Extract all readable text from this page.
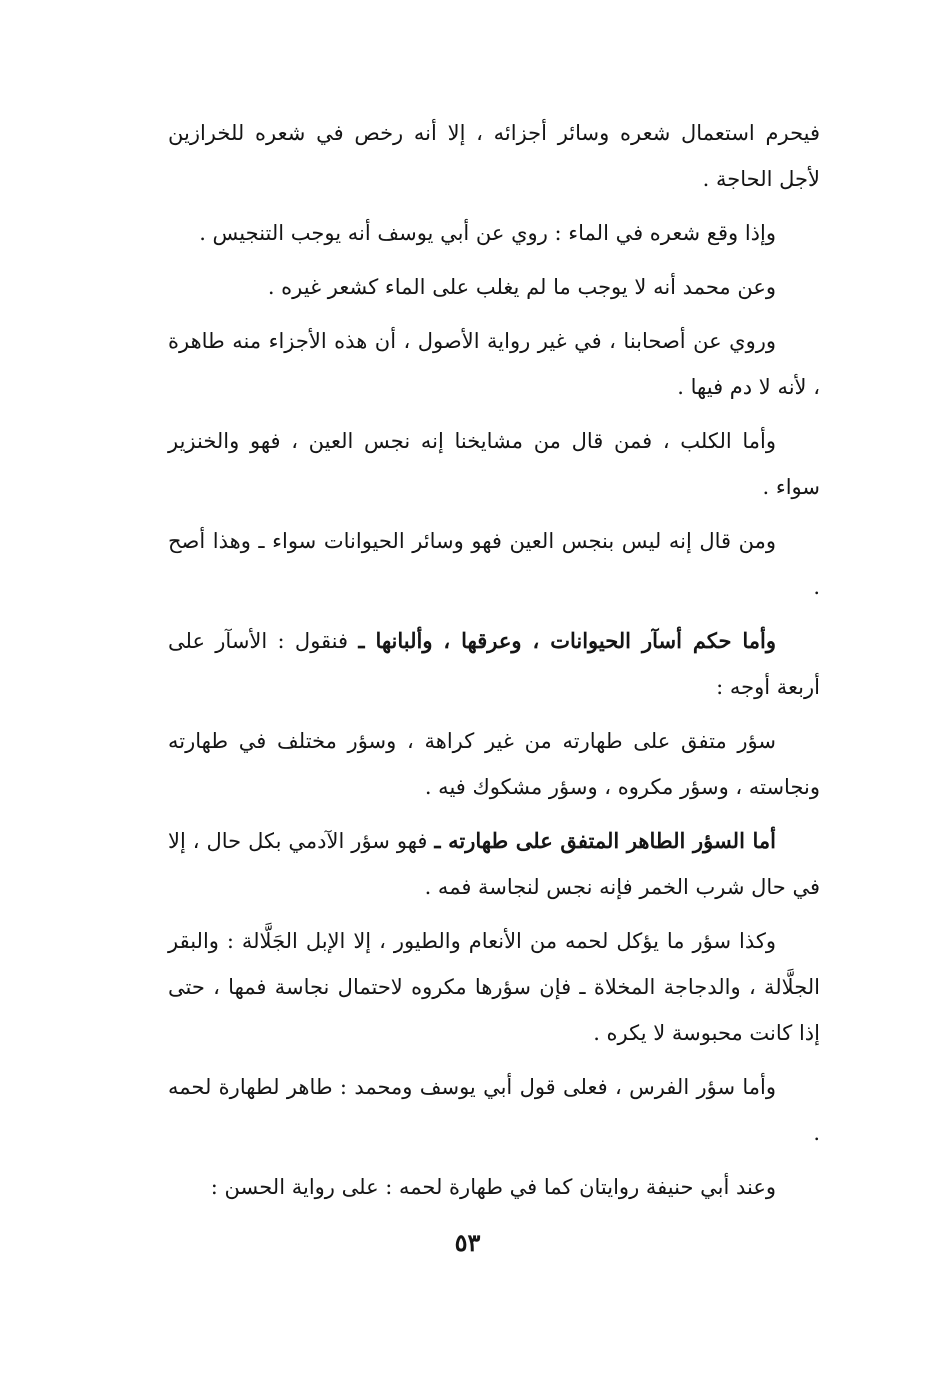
فيحرم استعمال شعره وسائر أجزائه ، إلا أنه رخص في شعره للخرازين لأجل الحاجة .

وإذا وقع شعره في الماء : روي عن أبي يوسف أنه يوجب التنجيس .

وعن محمد أنه لا يوجب ما لم يغلب على الماء كشعر غيره .

وروي عن أصحابنا ، في غير رواية الأصول ، أن هذه الأجزاء منه طاهرة ، لأنه لا دم فيها .

وأما الكلب ، فمن قال من مشايخنا إنه نجس العين ، فهو والخنزير سواء .

ومن قال إنه ليس بنجس العين فهو وسائر الحيوانات سواء ـ وهذا أصح .

وأما حكم أسآر الحيوانات ، وعرقها ، وألبانها ـ فنقول : الأسآر على أربعة أوجه :

سؤر متفق على طهارته من غير كراهة ، وسؤر مختلف في طهارته ونجاسته ، وسؤر مكروه ، وسؤر مشكوك فيه .

أما السؤر الطاهر المتفق على طهارته ـ فهو سؤر الآدمي بكل حال ، إلا في حال شرب الخمر فإنه نجس لنجاسة فمه .

وكذا سؤر ما يؤكل لحمه من الأنعام والطيور ، إلا الإبل الجَلَّالة : والبقر الجلَّالة ، والدجاجة المخلاة ـ فإن سؤرها مكروه لاحتمال نجاسة فمها ، حتى إذا كانت محبوسة لا يكره .

وأما سؤر الفرس ، فعلى قول أبي يوسف ومحمد : طاهر لطهارة لحمه .

وعند أبي حنيفة روايتان كما في طهارة لحمه : على رواية الحسن :

٥٣
